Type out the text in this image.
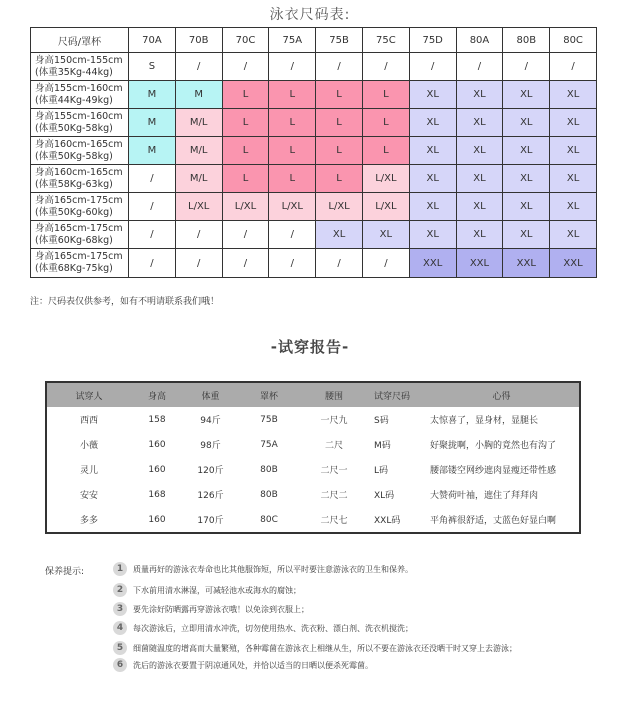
泳衣尺码表:
尺码/罩杯	70A	70B	70C	75A	75B	75C	75D	80A	80B	80C

身高150cm-155cm
(体重35Kg-44kg)	S	/	/	/	/	/	/	/	/	/

身高155cm-160cm
(体重44Kg-49kg)	M	M	L	L	L	L	XL	XL	XL	XL

身高155cm-160cm
(体重50Kg-58kg)	M	M/L	L	L	L	L	XL	XL	XL	XL

身高160cm-165cm
(体重50Kg-58kg)	M	M/L	L	L	L	L	XL	XL	XL	XL

身高160cm-165cm
(体重58Kg-63kg)	/	M/L	L	L	L	L/XL	XL	XL	XL	XL

身高165cm-175cm
(体重50Kg-60kg)	/	L/XL	L/XL	L/XL	L/XL	L/XL	XL	XL	XL	XL

身高165cm-175cm
(体重60Kg-68kg)	/	/	/	/	XL	XL	XL	XL	XL	XL

身高165cm-175cm
(体重68Kg-75kg)	/	/	/	/	/	/	XXL	XXL	XXL	XXL
注：尺码表仅供参考，如有不明请联系我们哦！
-试穿报告-
试穿人	身高	体重	罩杯	腰围	试穿尺码	心得
西西	158	94斤	75B	一尺九	S码	太惊喜了，显身材，显腿长
小薇	160	98斤	75A	二尺	M码	好聚拢啊，小胸的竟然也有沟了
灵儿	160	120斤	80B	二尺一	L码	腰部镂空网纱遮肉显瘦还带性感
安安	168	126斤	80B	二尺二	XL码	大赞荷叶袖，遮住了拜拜肉
多多	160	170斤	80C	二尺七	XXL码	平角裤很舒适，丈蓝色好显白啊
保养提示:	1	质量再好的游泳衣寿命也比其他服饰短，所以平时要注意游泳衣的卫生和保养。
2	下水前用清水淋湿，可减轻池水或海水的腐蚀；
3	要先涂好防晒露再穿游泳衣哦！以免涂到衣服上；
4	每次游泳后，立即用清水冲洗，切勿使用热水、洗衣粉、漂白剂、洗衣机搅洗；
5	细菌随温度的增高而大量繁殖，各种霉菌在游泳衣上相继从生，所以不要在游泳衣还没晒干时又穿上去游泳；
6	洗后的游泳衣要置于阴凉通风处，并恰以适当的日晒以便杀死霉菌。
